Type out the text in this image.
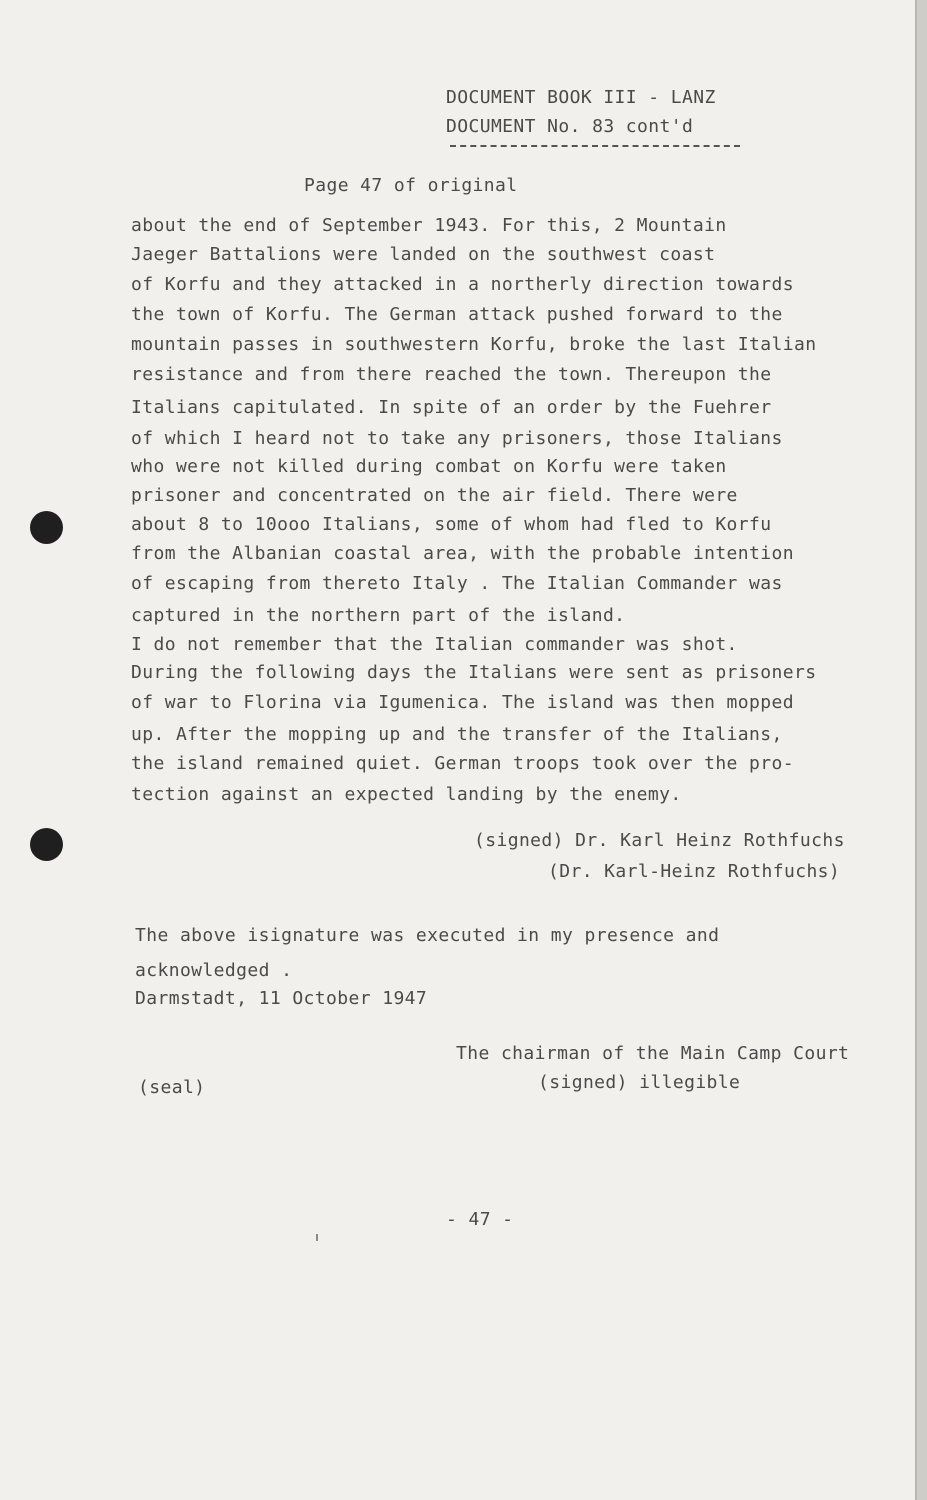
DOCUMENT BOOK III - LANZ
DOCUMENT No. 83 cont'd
Page 47 of original
about the end of September 1943. For this, 2 Mountain
Jaeger Battalions were landed on the southwest coast
of Korfu and they attacked in a northerly direction towards
the town of Korfu. The German attack pushed forward to the
mountain passes in southwestern Korfu, broke the last Italian
resistance and from there reached the town. Thereupon the
Italians capitulated. In spite of an order by the Fuehrer
of which I heard not to take any prisoners, those Italians
who were not killed during combat on Korfu were taken
prisoner and concentrated on the air field. There were
about 8 to 10ooo Italians, some of whom had fled to Korfu
from the Albanian coastal area, with the probable intention
of escaping from thereto Italy . The Italian Commander was
captured in the northern part of the island.
I do not remember that the Italian commander was shot.
During the following days the Italians were sent as prisoners
of war to Florina via Igumenica. The island was then mopped
up. After the mopping up and the transfer of the Italians,
the island remained quiet. German troops took over the pro-
tection against an expected landing by the enemy.
(signed) Dr. Karl Heinz Rothfuchs
(Dr. Karl-Heinz Rothfuchs)
The above isignature was executed in my presence and
acknowledged .
Darmstadt, 11 October 1947
The chairman of the Main Camp Court
(seal)	(signed) illegible
- 47 -
